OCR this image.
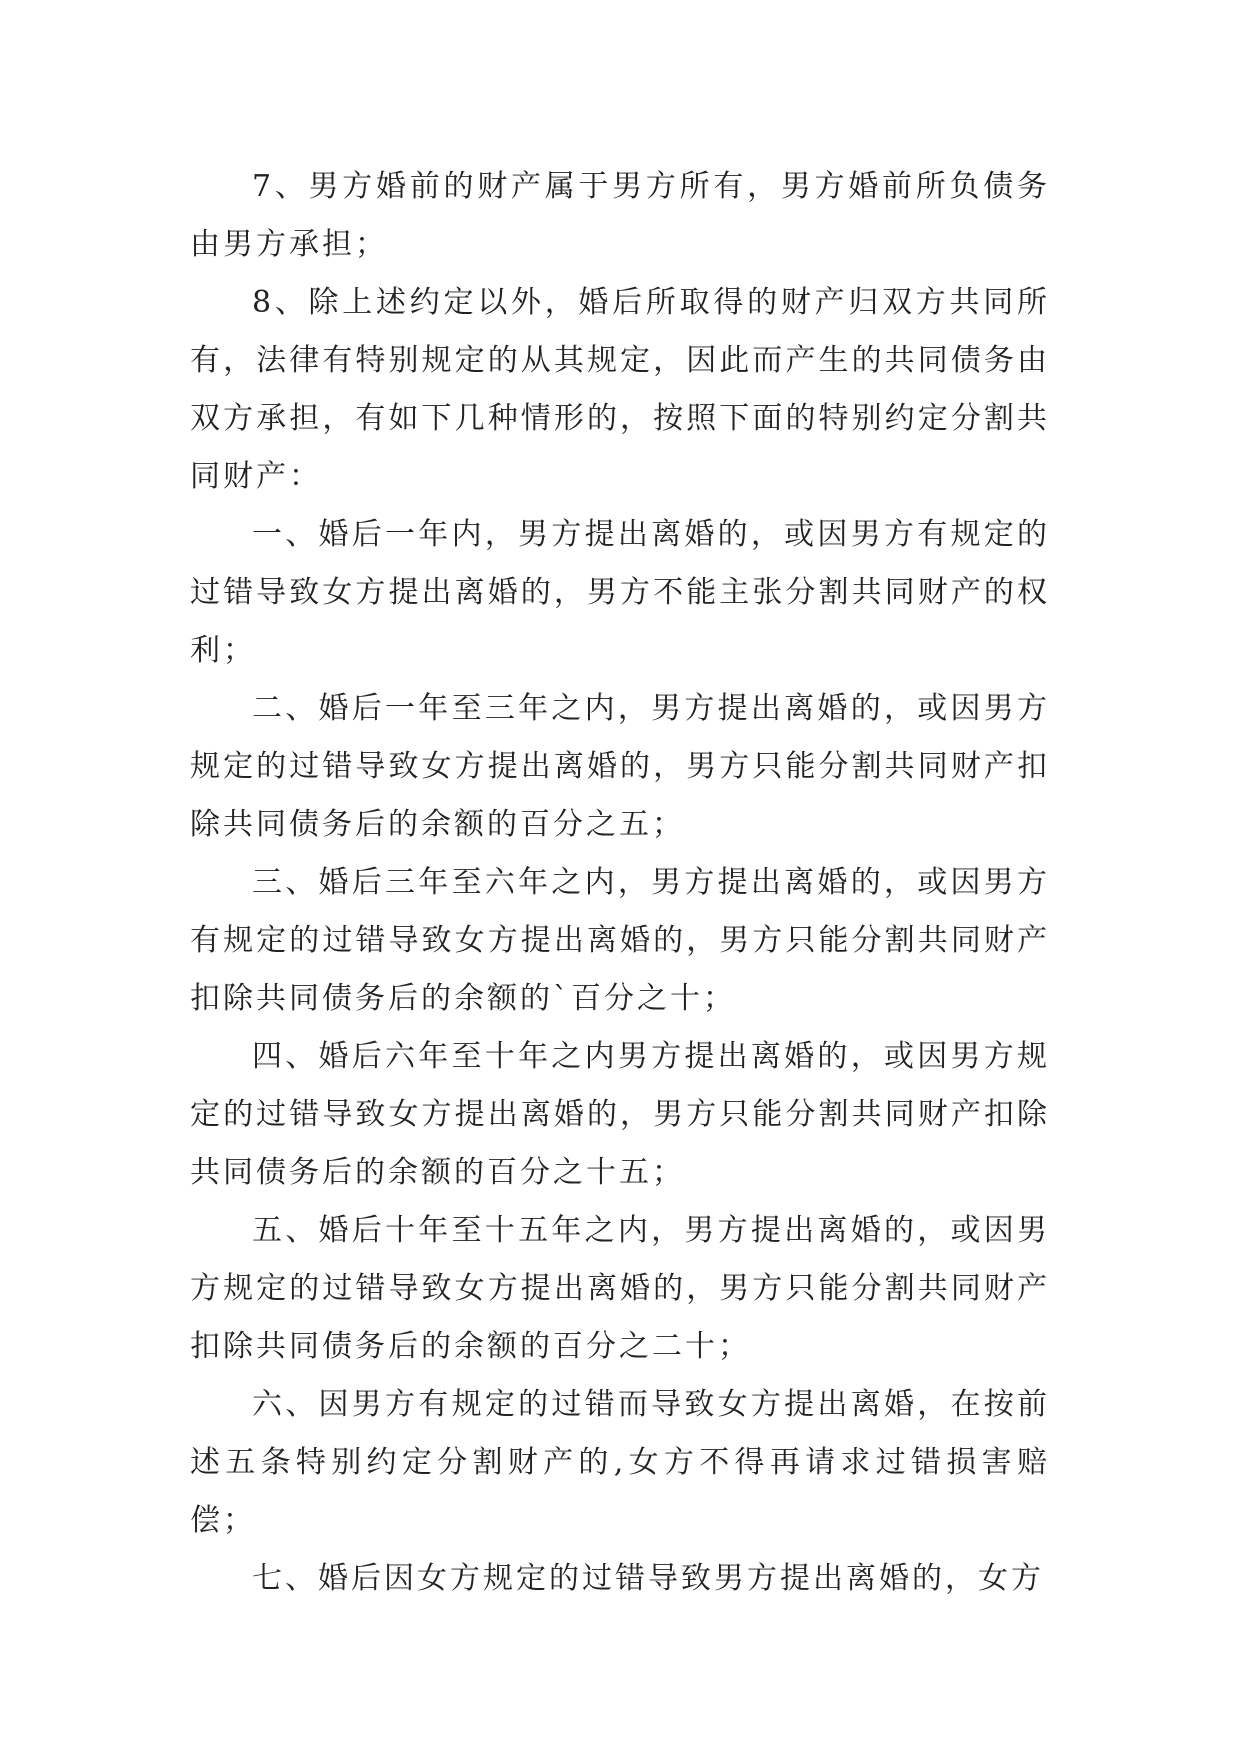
7、男方婚前的财产属于男方所有，男方婚前所负债务由男方承担；

8、除上述约定以外，婚后所取得的财产归双方共同所有，法律有特别规定的从其规定，因此而产生的共同债务由双方承担，有如下几种情形的，按照下面的特别约定分割共同财产：

一、婚后一年内，男方提出离婚的，或因男方有规定的过错导致女方提出离婚的，男方不能主张分割共同财产的权利；

二、婚后一年至三年之内，男方提出离婚的，或因男方规定的过错导致女方提出离婚的，男方只能分割共同财产扣除共同债务后的余额的百分之五；

三、婚后三年至六年之内，男方提出离婚的，或因男方有规定的过错导致女方提出离婚的，男方只能分割共同财产扣除共同债务后的余额的`百分之十；

四、婚后六年至十年之内男方提出离婚的，或因男方规定的过错导致女方提出离婚的，男方只能分割共同财产扣除共同债务后的余额的百分之十五；

五、婚后十年至十五年之内，男方提出离婚的，或因男方规定的过错导致女方提出离婚的，男方只能分割共同财产扣除共同债务后的余额的百分之二十；

六、因男方有规定的过错而导致女方提出离婚，在按前述五条特别约定分割财产的,女方不得再请求过错损害赔偿；

七、婚后因女方规定的过错导致男方提出离婚的，女方
